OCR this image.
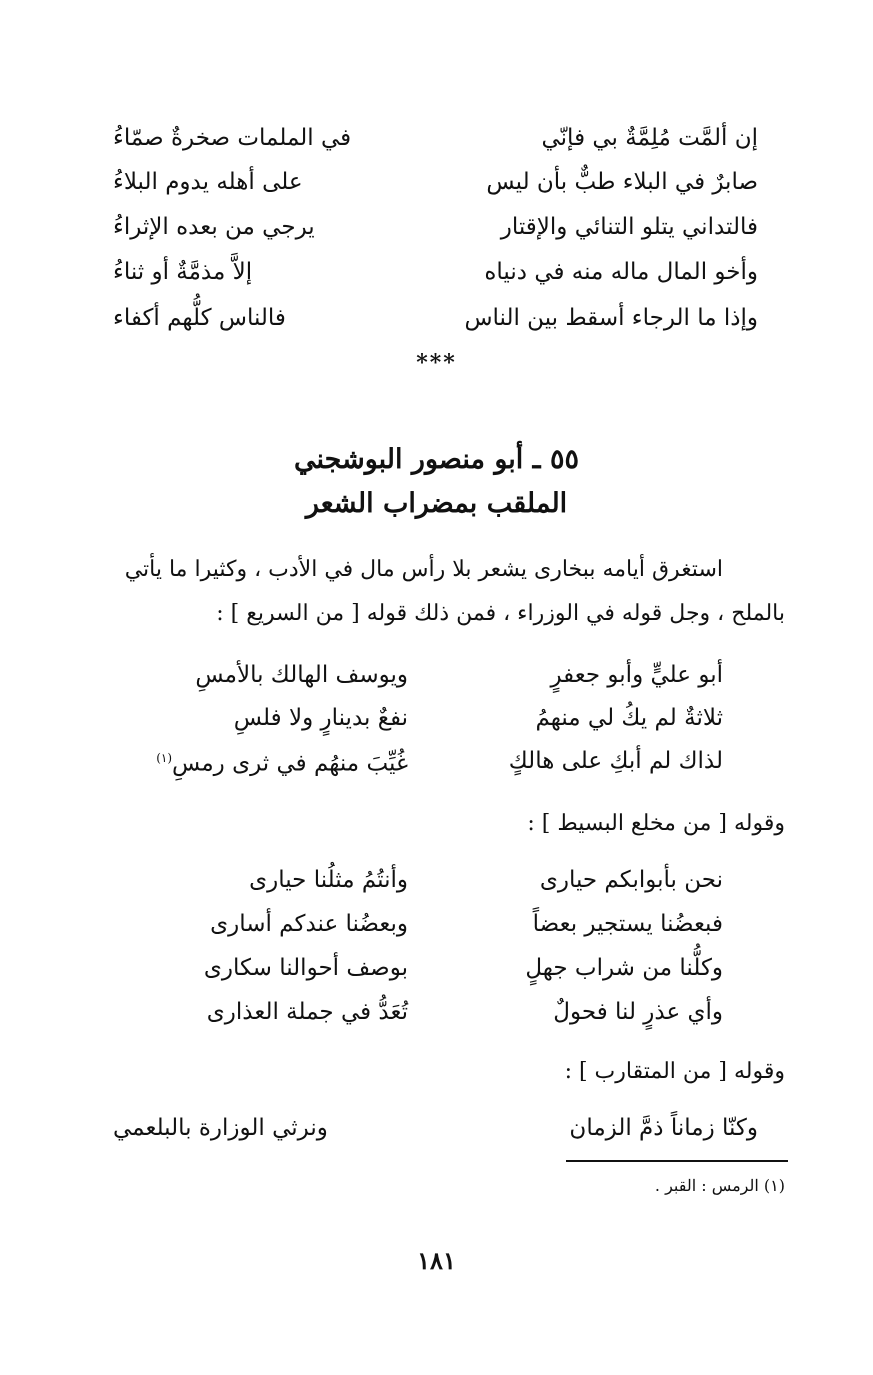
إن ألمَّت مُلِمَّةٌ بي فإنّي
في الملمات صخرةٌ صمّاءُ
صابرٌ في البلاء طبٌّ بأن ليس
على أهله يدوم البلاءُ
فالتداني يتلو التنائي والإقتار
يرجي من بعده الإثراءُ
وأخو المال ماله منه في دنياه
إلاَّ مذمَّةٌ أو ثناءُ
وإذا ما الرجاء أسقط بين الناس
فالناس كلُّهم أكفاء
***
٥٥ ـ أبو منصور البوشجني
الملقب بمضراب الشعر
استغرق أيامه ببخارى يشعر بلا رأس مال في الأدب ، وكثيرا ما يأتي
بالملح ، وجل قوله في الوزراء ، فمن ذلك قوله [ من السريع ] :
أبو عليٍّ وأبو جعفرٍ
ويوسف الهالك بالأمسِ
ثلاثةٌ لم يكُ لي منهمُ
نفعٌ بدينارٍ ولا فلسِ
لذاك لم أبكِ على هالكٍ
غُيِّبَ منهُم في ثرى رمسِ$^{(١)}$
وقوله [ من مخلع البسيط ] :
نحن بأبوابكم حيارى
وأنتُمُ مثلُنا حيارى
فبعضُنا يستجير بعضاً
وبعضُنا عندكم أسارى
وكلُّنا من شراب جهلٍ
بوصف أحوالنا سكارى
وأي عذرٍ لنا فحولٌ
تُعَدُّ في جملة العذارى
وقوله [ من المتقارب ] :
وكنّا زماناً ذمَّ الزمان
ونرثي الوزارة بالبلعمي
(١) الرمس : القبر .
١٨١
